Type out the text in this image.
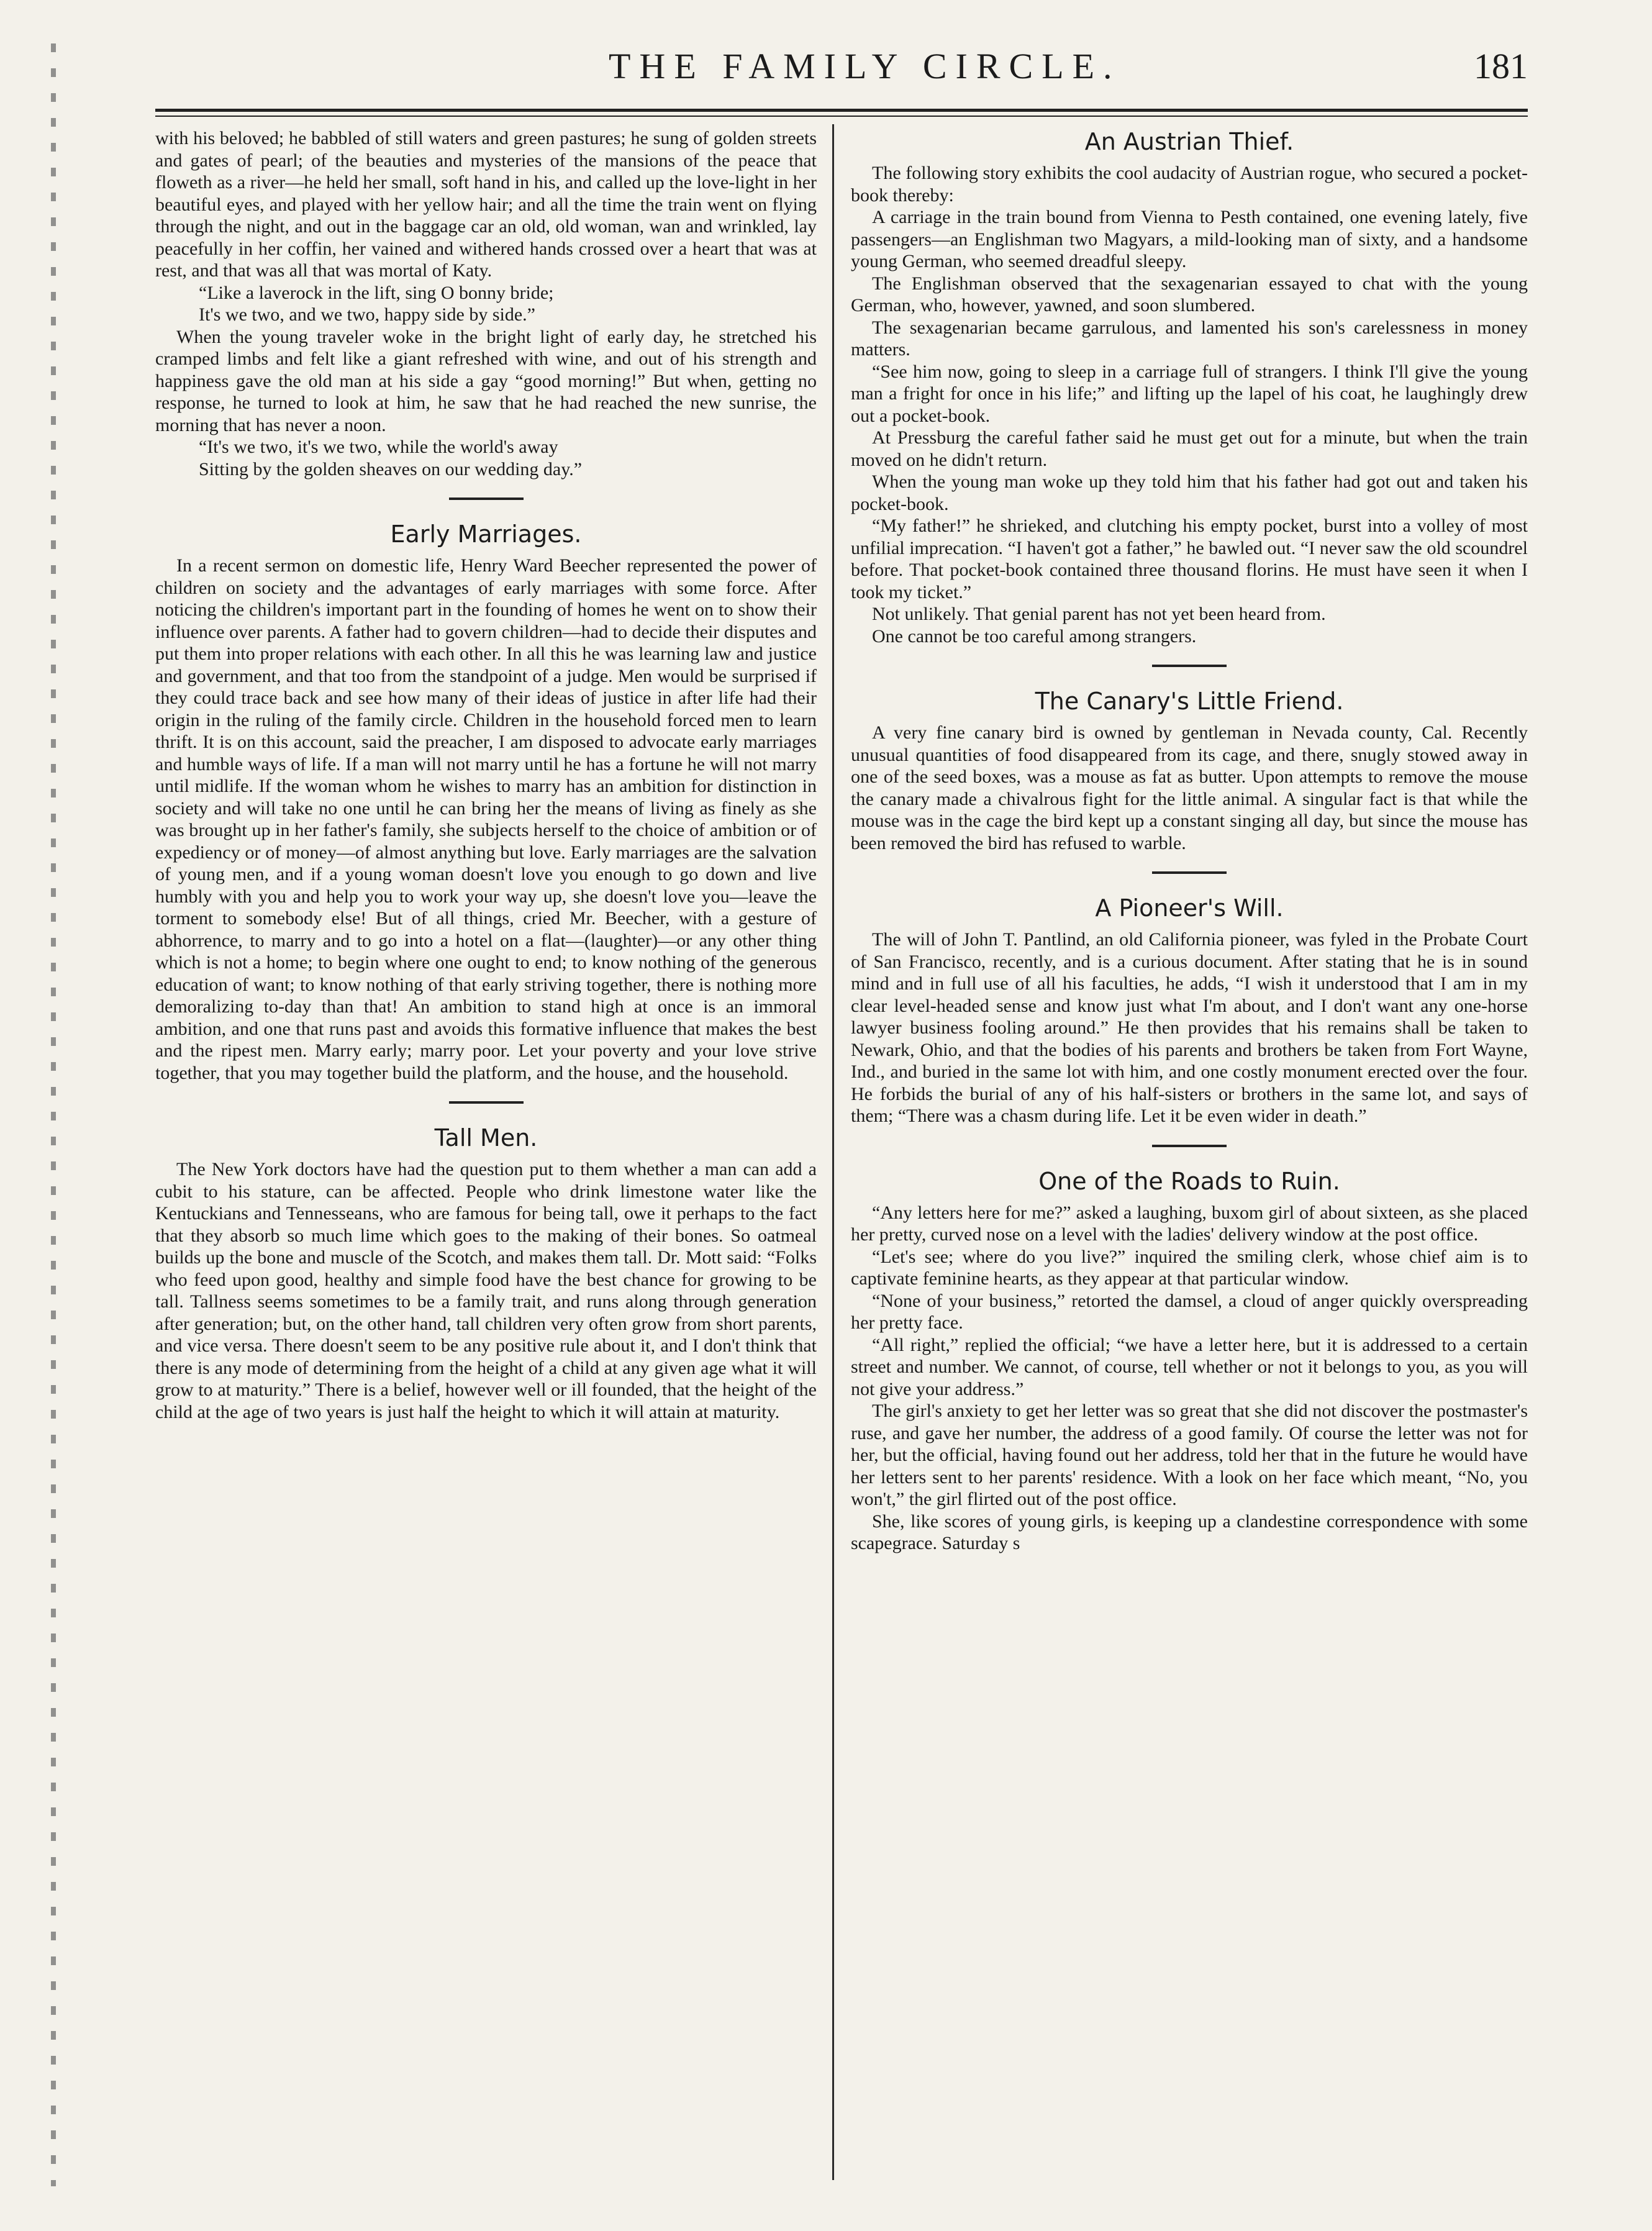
THE FAMILY CIRCLE.	181

with his beloved; he babbled of still waters and green pastures; he sung of golden streets and gates of pearl; of the beauties and mysteries of the mansions of the peace that floweth as a river—he held her small, soft hand in his, and called up the love-light in her beautiful eyes, and played with her yellow hair; and all the time the train went on flying through the night, and out in the baggage car an old, old woman, wan and wrinkled, lay peacefully in her coffin, her vained and withered hands crossed over a heart that was at rest, and that was all that was mortal of Katy.

“Like a laverock in the lift, sing O bonny bride;
It's we two, and we two, happy side by side.”

When the young traveler woke in the bright light of early day, he stretched his cramped limbs and felt like a giant refreshed with wine, and out of his strength and happiness gave the old man at his side a gay “good morning!” But when, getting no response, he turned to look at him, he saw that he had reached the new sunrise, the morning that has never a noon.

“It's we two, it's we two, while the world's away
Sitting by the golden sheaves on our wedding day.”
Early Marriages.

In a recent sermon on domestic life, Henry Ward Beecher represented the power of children on society and the advantages of early marriages with some force. After noticing the children's important part in the founding of homes he went on to show their influence over parents. A father had to govern children—had to decide their disputes and put them into proper relations with each other. In all this he was learning law and justice and government, and that too from the standpoint of a judge. Men would be surprised if they could trace back and see how many of their ideas of justice in after life had their origin in the ruling of the family circle. Children in the household forced men to learn thrift. It is on this account, said the preacher, I am disposed to advocate early marriages and humble ways of life. If a man will not marry until he has a fortune he will not marry until midlife. If the woman whom he wishes to marry has an ambition for distinction in society and will take no one until he can bring her the means of living as finely as she was brought up in her father's family, she subjects herself to the choice of ambition or of expediency or of money—of almost anything but love. Early marriages are the salvation of young men, and if a young woman doesn't love you enough to go down and live humbly with you and help you to work your way up, she doesn't love you—leave the torment to somebody else! But of all things, cried Mr. Beecher, with a gesture of abhorrence, to marry and to go into a hotel on a flat—(laughter)—or any other thing which is not a home; to begin where one ought to end; to know nothing of the generous education of want; to know nothing of that early striving together, there is nothing more demoralizing to-day than that! An ambition to stand high at once is an immoral ambition, and one that runs past and avoids this formative influence that makes the best and the ripest men. Marry early; marry poor. Let your poverty and your love strive together, that you may together build the platform, and the house, and the household.

Tall Men.

The New York doctors have had the question put to them whether a man can add a cubit to his stature, can be affected. People who drink limestone water like the Kentuckians and Tennesseans, who are famous for being tall, owe it perhaps to the fact that they absorb so much lime which goes to the making of their bones. So oatmeal builds up the bone and muscle of the Scotch, and makes them tall. Dr. Mott said: “Folks who feed upon good, healthy and simple food have the best chance for growing to be tall. Tallness seems sometimes to be a family trait, and runs along through generation after generation; but, on the other hand, tall children very often grow from short parents, and vice versa. There doesn't seem to be any positive rule about it, and I don't think that there is any mode of determining from the height of a child at any given age what it will grow to at maturity.” There is a belief, however well or ill founded, that the height of the child at the age of two years is just half the height to which it will attain at maturity.

An Austrian Thief.

The following story exhibits the cool audacity of Austrian rogue, who secured a pocket-book thereby:

A carriage in the train bound from Vienna to Pesth contained, one evening lately, five passengers—an Englishman two Magyars, a mild-looking man of sixty, and a handsome young German, who seemed dreadful sleepy.

The Englishman observed that the sexagenarian essayed to chat with the young German, who, however, yawned, and soon slumbered.

The sexagenarian became garrulous, and lamented his son's carelessness in money matters.

“See him now, going to sleep in a carriage full of strangers. I think I'll give the young man a fright for once in his life;” and lifting up the lapel of his coat, he laughingly drew out a pocket-book.

At Pressburg the careful father said he must get out for a minute, but when the train moved on he didn't return.

When the young man woke up they told him that his father had got out and taken his pocket-book.

“My father!” he shrieked, and clutching his empty pocket, burst into a volley of most unfilial imprecation. “I haven't got a father,” he bawled out. “I never saw the old scoundrel before. That pocket-book contained three thousand florins. He must have seen it when I took my ticket.”

Not unlikely. That genial parent has not yet been heard from.

One cannot be too careful among strangers.

The Canary's Little Friend.

A very fine canary bird is owned by gentleman in Nevada county, Cal. Recently unusual quantities of food disappeared from its cage, and there, snugly stowed away in one of the seed boxes, was a mouse as fat as butter. Upon attempts to remove the mouse the canary made a chivalrous fight for the little animal. A singular fact is that while the mouse was in the cage the bird kept up a constant singing all day, but since the mouse has been removed the bird has refused to warble.

A Pioneer's Will.

The will of John T. Pantlind, an old California pioneer, was fyled in the Probate Court of San Francisco, recently, and is a curious document. After stating that he is in sound mind and in full use of all his faculties, he adds, “I wish it understood that I am in my clear level-headed sense and know just what I'm about, and I don't want any one-horse lawyer business fooling around.” He then provides that his remains shall be taken to Newark, Ohio, and that the bodies of his parents and brothers be taken from Fort Wayne, Ind., and buried in the same lot with him, and one costly monument erected over the four. He forbids the burial of any of his half-sisters or brothers in the same lot, and says of them; “There was a chasm during life. Let it be even wider in death.”

One of the Roads to Ruin.

“Any letters here for me?” asked a laughing, buxom girl of about sixteen, as she placed her pretty, curved nose on a level with the ladies' delivery window at the post office.

“Let's see; where do you live?” inquired the smiling clerk, whose chief aim is to captivate feminine hearts, as they appear at that particular window.

“None of your business,” retorted the damsel, a cloud of anger quickly overspreading her pretty face.

“All right,” replied the official; “we have a letter here, but it is addressed to a certain street and number. We cannot, of course, tell whether or not it belongs to you, as you will not give your address.”

The girl's anxiety to get her letter was so great that she did not discover the postmaster's ruse, and gave her number, the address of a good family. Of course the letter was not for her, but the official, having found out her address, told her that in the future he would have her letters sent to her parents' residence. With a look on her face which meant, “No, you won't,” the girl flirted out of the post office.

She, like scores of young girls, is keeping up a clandestine correspondence with some scapegrace. Saturday s
